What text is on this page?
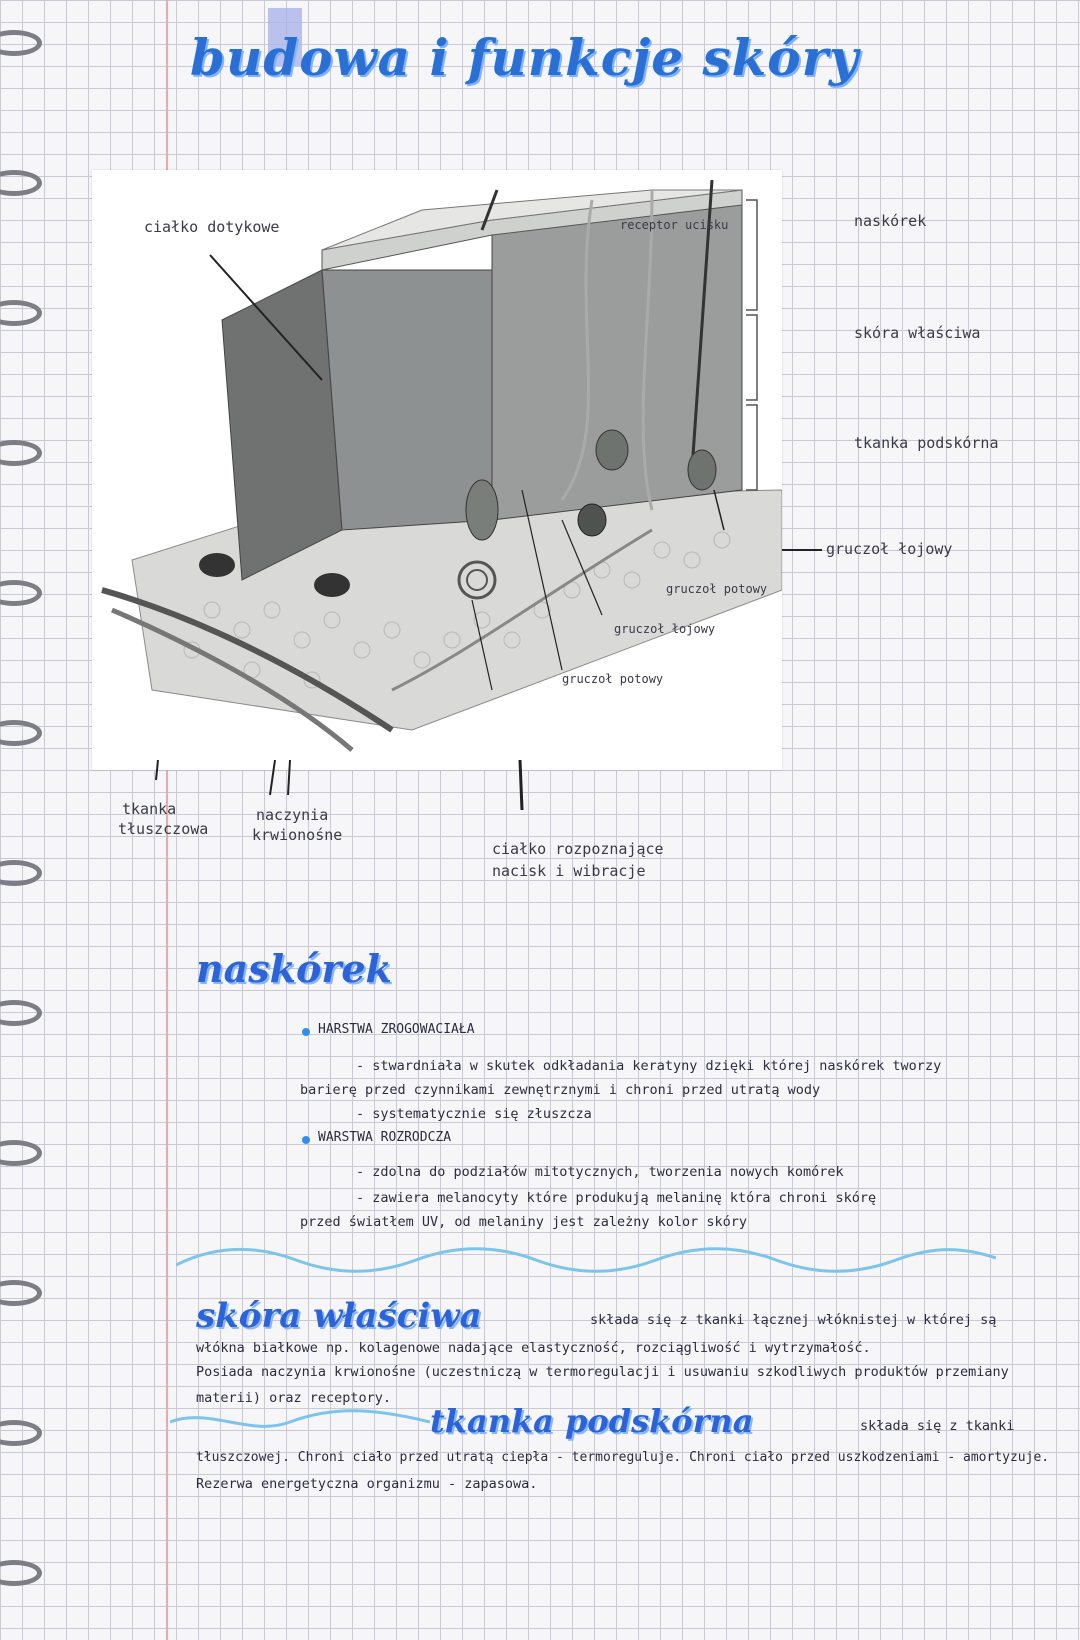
budowa i funkcje skóry
ciałko dotykowe	receptor ucisku
gruczoł potowy
gruczoł łojowy
gruczoł potowy
naskórek
skóra właściwa
tkanka podskórna
gruczoł łojowy
tkanka
tłuszczowa
naczynia
krwionośne
ciałko rozpoznające
nacisk i wibracje
naskórek
HARSTWA ZROGOWACIAŁA
- stwardniała w skutek odkładania keratyny dzięki której naskórek tworzy
barierę przed czynnikami zewnętrznymi i chroni przed utratą wody
- systematycznie się złuszcza
WARSTWA ROZRODCZA
- zdolna do podziałów mitotycznych, tworzenia nowych komórek
- zawiera melanocyty które produkują melaninę która chroni skórę
przed światłem UV, od melaniny jest zależny kolor skóry
skóra właściwa	składa się z tkanki łącznej włóknistej w której są
włókna białkowe np. kolagenowe nadające elastyczność, rozciągliwość i wytrzymałość.
Posiada naczynia krwionośne (uczestniczą w termoregulacji i usuwaniu szkodliwych produktów przemiany
materii) oraz receptory.
tkanka podskórna	składa się z tkanki
tłuszczowej. Chroni ciało przed utratą ciepła - termoreguluje. Chroni ciało przed uszkodzeniami - amortyzuje.
Rezerwa energetyczna organizmu - zapasowa.
